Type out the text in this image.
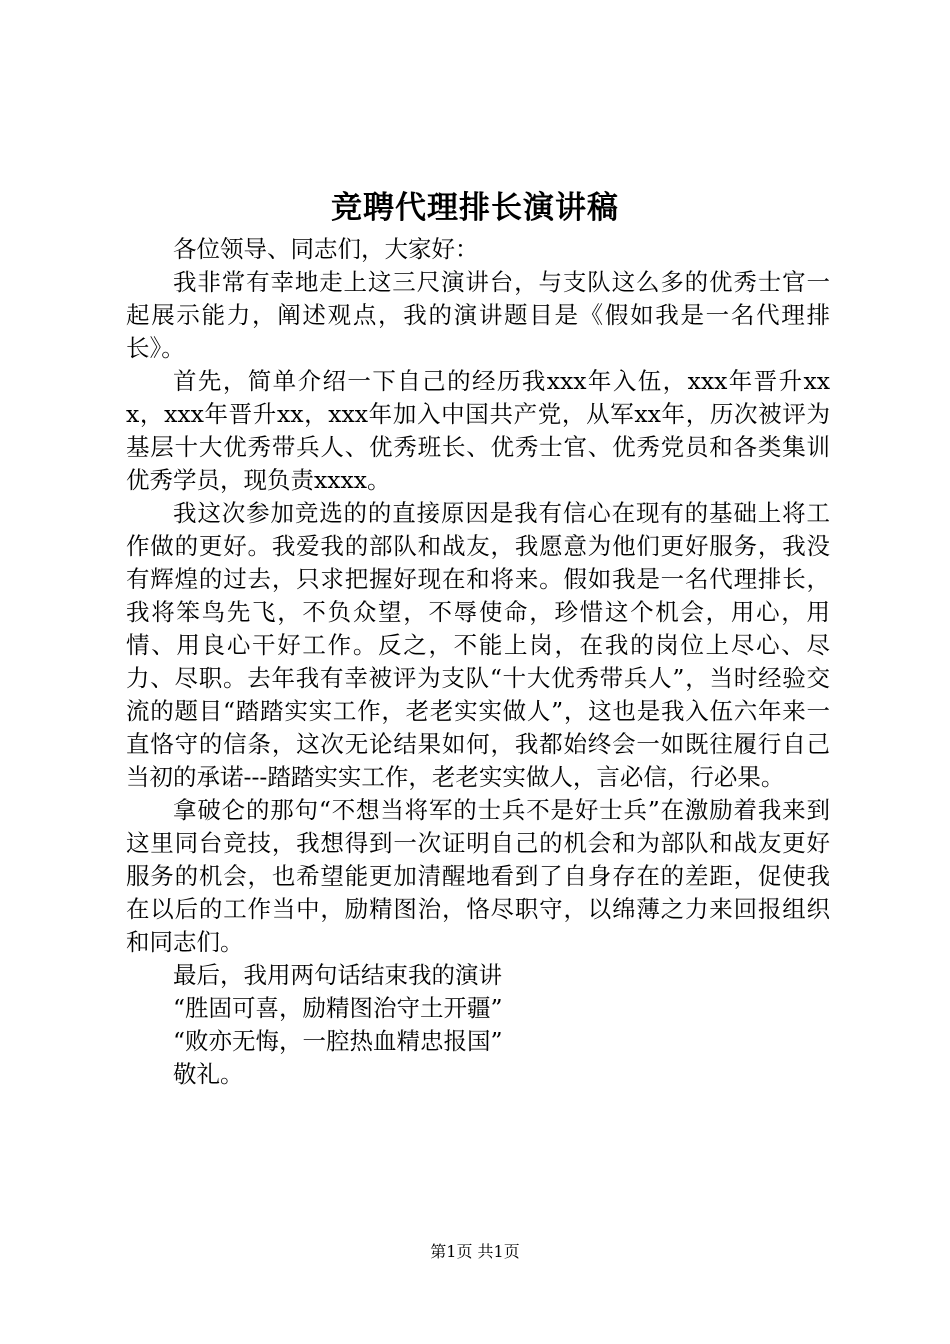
竞聘代理排长演讲稿

各位领导、同志们，大家好：

我非常有幸地走上这三尺演讲台，与支队这么多的优秀士官一起展示能力，阐述观点，我的演讲题目是《假如我是一名代理排长》。

首先，简单介绍一下自己的经历我xxx年入伍，xxx年晋升xxx，xxx年晋升xx，xxx年加入中国共产党，从军xx年，历次被评为基层十大优秀带兵人、优秀班长、优秀士官、优秀党员和各类集训优秀学员，现负责xxxx。

我这次参加竞选的的直接原因是我有信心在现有的基础上将工作做的更好。我爱我的部队和战友，我愿意为他们更好服务，我没有辉煌的过去，只求把握好现在和将来。假如我是一名代理排长，我将笨鸟先飞，不负众望，不辱使命，珍惜这个机会，用心，用情、用良心干好工作。反之，不能上岗，在我的岗位上尽心、尽力、尽职。去年我有幸被评为支队“十大优秀带兵人”，当时经验交流的题目“踏踏实实工作，老老实实做人”，这也是我入伍六年来一直恪守的信条，这次无论结果如何，我都始终会一如既往履行自己当初的承诺---踏踏实实工作，老老实实做人，言必信，行必果。

拿破仑的那句“不想当将军的士兵不是好士兵”在激励着我来到这里同台竞技，我想得到一次证明自己的机会和为部队和战友更好服务的机会，也希望能更加清醒地看到了自身存在的差距，促使我在以后的工作当中，励精图治，恪尽职守，以绵薄之力来回报组织和同志们。

最后，我用两句话结束我的演讲

“胜固可喜，励精图治守土开疆”

“败亦无悔，一腔热血精忠报国”

敬礼。

第1页 共1页
